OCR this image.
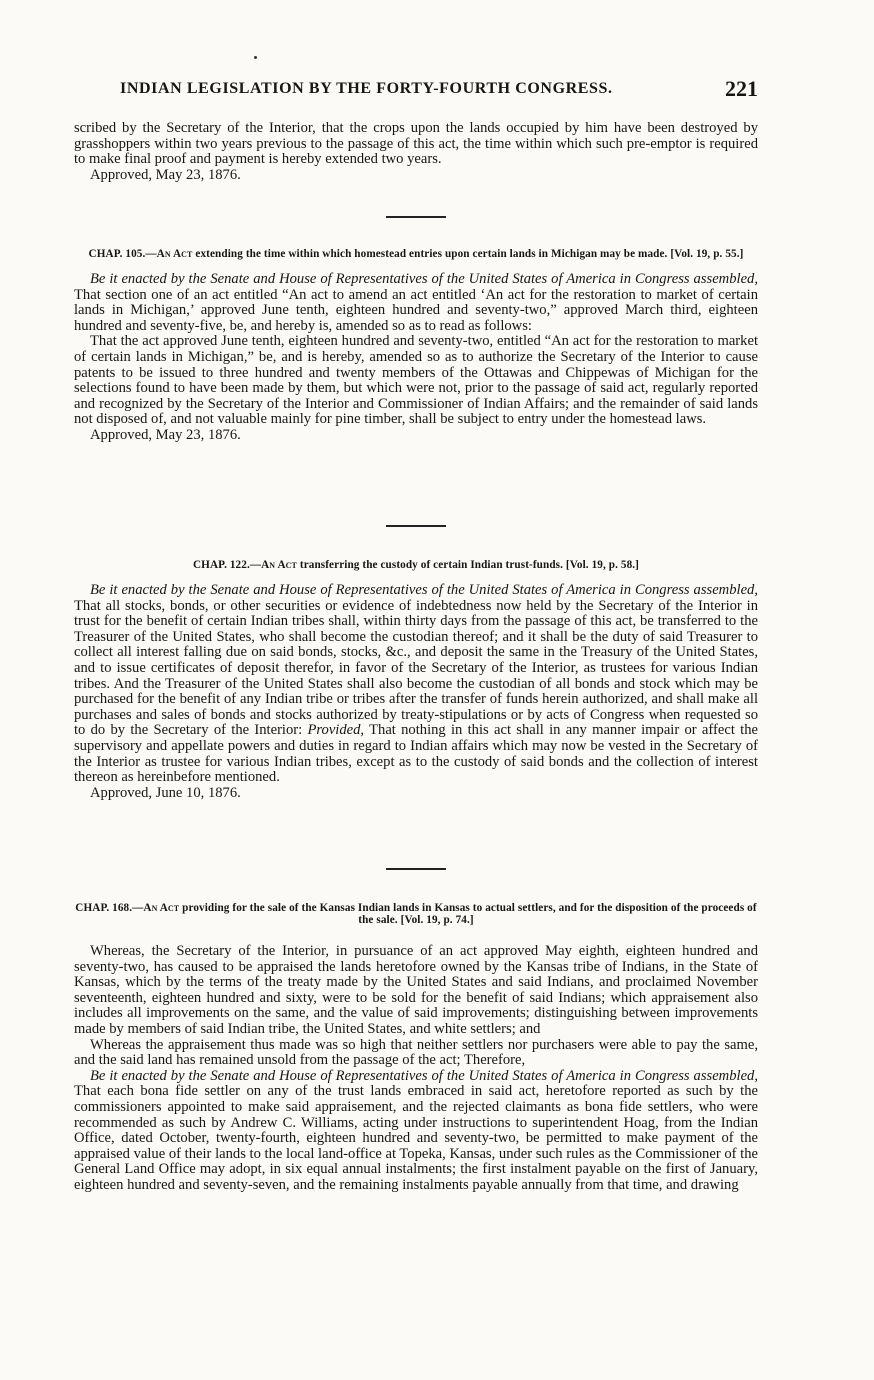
INDIAN LEGISLATION BY THE FORTY-FOURTH CONGRESS.	221

scribed by the Secretary of the Interior, that the crops upon the lands occupied by him have been destroyed by grasshoppers within two years previous to the passage of this act, the time within which such pre-emptor is required to make final proof and payment is hereby extended two years.

Approved, May 23, 1876.

CHAP. 105.—An Act extending the time within which homestead entries upon certain lands in Michigan may be made. [Vol. 19, p. 55.]

Be it enacted by the Senate and House of Representatives of the United States of America in Congress assembled, That section one of an act entitled “An act to amend an act entitled ‘An act for the restoration to market of certain lands in Michigan,’ approved June tenth, eighteen hundred and seventy-two,” approved March third, eighteen hundred and seventy-five, be, and hereby is, amended so as to read as follows:

That the act approved June tenth, eighteen hundred and seventy-two, entitled “An act for the restoration to market of certain lands in Michigan,” be, and is hereby, amended so as to authorize the Secretary of the Interior to cause patents to be issued to three hundred and twenty members of the Ottawas and Chippewas of Michigan for the selections found to have been made by them, but which were not, prior to the passage of said act, regularly reported and recognized by the Secretary of the Interior and Commissioner of Indian Affairs; and the remainder of said lands not disposed of, and not valuable mainly for pine timber, shall be subject to entry under the homestead laws.

Approved, May 23, 1876.

CHAP. 122.—An Act transferring the custody of certain Indian trust-funds. [Vol. 19, p. 58.]

Be it enacted by the Senate and House of Representatives of the United States of America in Congress assembled, That all stocks, bonds, or other securities or evidence of indebtedness now held by the Secretary of the Interior in trust for the benefit of certain Indian tribes shall, within thirty days from the passage of this act, be transferred to the Treasurer of the United States, who shall become the custodian thereof; and it shall be the duty of said Treasurer to collect all interest falling due on said bonds, stocks, &c., and deposit the same in the Treasury of the United States, and to issue certificates of deposit therefor, in favor of the Secretary of the Interior, as trustees for various Indian tribes. And the Treasurer of the United States shall also become the custodian of all bonds and stock which may be purchased for the benefit of any Indian tribe or tribes after the transfer of funds herein authorized, and shall make all purchases and sales of bonds and stocks authorized by treaty-stipulations or by acts of Congress when requested so to do by the Secretary of the Interior: Provided, That nothing in this act shall in any manner impair or affect the supervisory and appellate powers and duties in regard to Indian affairs which may now be vested in the Secretary of the Interior as trustee for various Indian tribes, except as to the custody of said bonds and the collection of interest thereon as hereinbefore mentioned.

Approved, June 10, 1876.

CHAP. 168.—An Act providing for the sale of the Kansas Indian lands in Kansas to actual settlers, and for the disposition of the proceeds of the sale. [Vol. 19, p. 74.]

Whereas, the Secretary of the Interior, in pursuance of an act approved May eighth, eighteen hundred and seventy-two, has caused to be appraised the lands heretofore owned by the Kansas tribe of Indians, in the State of Kansas, which by the terms of the treaty made by the United States and said Indians, and proclaimed November seventeenth, eighteen hundred and sixty, were to be sold for the benefit of said Indians; which appraisement also includes all improvements on the same, and the value of said improvements; distinguishing between improvements made by members of said Indian tribe, the United States, and white settlers; and

Whereas the appraisement thus made was so high that neither settlers nor purchasers were able to pay the same, and the said land has remained unsold from the passage of the act; Therefore,

Be it enacted by the Senate and House of Representatives of the United States of America in Congress assembled, That each bona fide settler on any of the trust lands embraced in said act, heretofore reported as such by the commissioners appointed to make said appraisement, and the rejected claimants as bona fide settlers, who were recommended as such by Andrew C. Williams, acting under instructions to superintendent Hoag, from the Indian Office, dated October, twenty-fourth, eighteen hundred and seventy-two, be permitted to make payment of the appraised value of their lands to the local land-office at Topeka, Kansas, under such rules as the Commissioner of the General Land Office may adopt, in six equal annual instalments; the first instalment payable on the first of January, eighteen hundred and seventy-seven, and the remaining instalments payable annually from that time, and drawing
